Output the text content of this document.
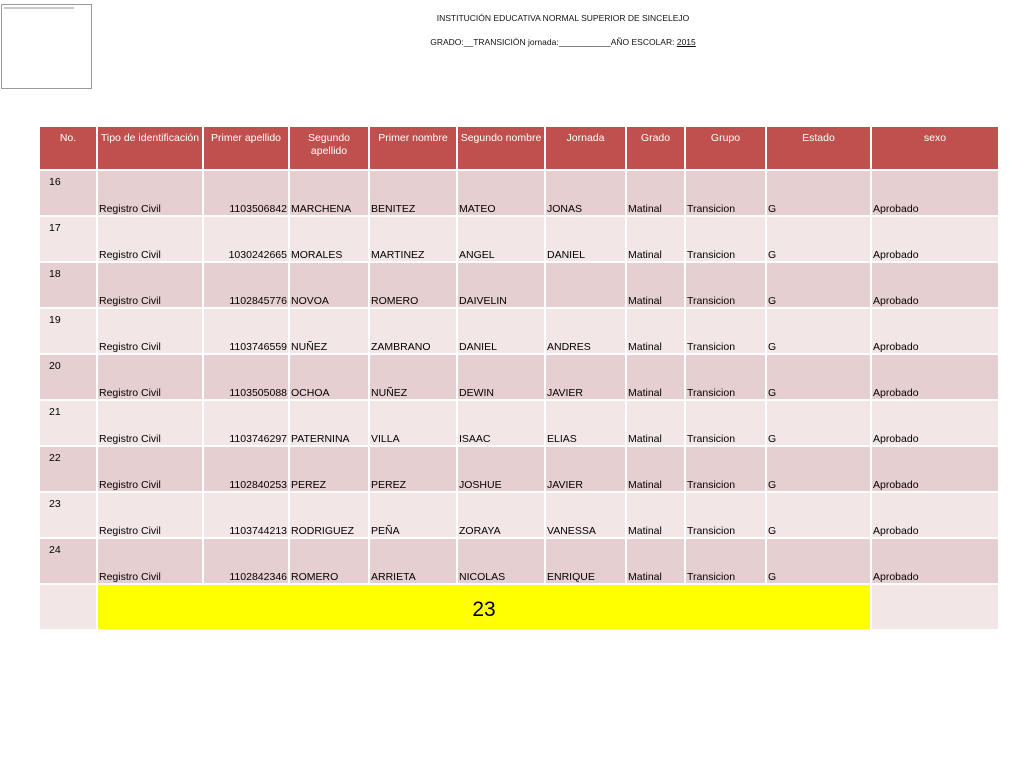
INSTITUCIÓN EDUCATIVA NORMAL SUPERIOR DE SINCELEJO
GRADO:__TRANSICIÓN jornada:___________AÑO ESCOLAR: 2015
No.	Tipo de identificación	Primer apellido	Segundo apellido	Primer nombre	Segundo nombre	Jornada	Grado	Grupo	Estado	sexo
16	Registro Civil	1103506842	MARCHENA	BENITEZ	MATEO	JONAS	Matinal	Transicion	G	Aprobado
17	Registro Civil	1030242665	MORALES	MARTINEZ	ANGEL	DANIEL	Matinal	Transicion	G	Aprobado
18	Registro Civil	1102845776	NOVOA	ROMERO	DAIVELIN		Matinal	Transicion	G	Aprobado
19	Registro Civil	1103746559	NUÑEZ	ZAMBRANO	DANIEL	ANDRES	Matinal	Transicion	G	Aprobado
20	Registro Civil	1103505088	OCHOA	NUÑEZ	DEWIN	JAVIER	Matinal	Transicion	G	Aprobado
21	Registro Civil	1103746297	PATERNINA	VILLA	ISAAC	ELIAS	Matinal	Transicion	G	Aprobado
22	Registro Civil	1102840253	PEREZ	PEREZ	JOSHUE	JAVIER	Matinal	Transicion	G	Aprobado
23	Registro Civil	1103744213	RODRIGUEZ	PEÑA	ZORAYA	VANESSA	Matinal	Transicion	G	Aprobado
24	Registro Civil	1102842346	ROMERO	ARRIETA	NICOLAS	ENRIQUE	Matinal	Transicion	G	Aprobado
	23									
